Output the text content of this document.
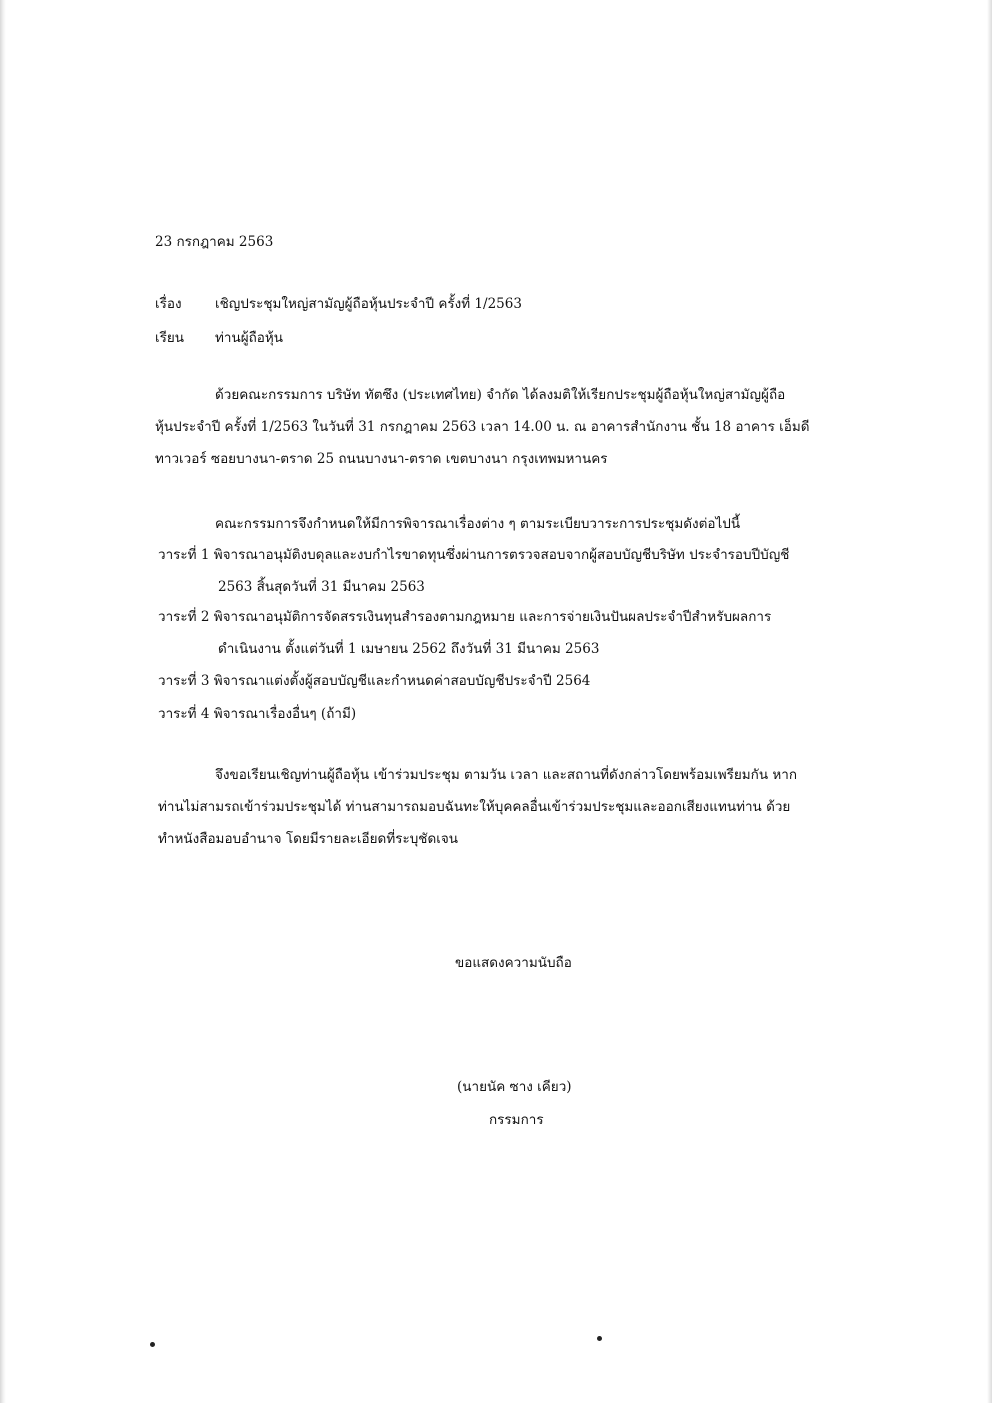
23 กรกฎาคม 2563
เรื่อง เชิญประชุมใหญ่สามัญผู้ถือหุ้นประจำปี ครั้งที่ 1/2563
เรียน ท่านผู้ถือหุ้น
ด้วยคณะกรรมการ บริษัท ทัตซึง (ประเทศไทย) จำกัด ได้ลงมติให้เรียกประชุมผู้ถือหุ้นใหญ่สามัญผู้ถือ
หุ้นประจำปี ครั้งที่ 1/2563 ในวันที่ 31 กรกฎาคม 2563 เวลา 14.00 น. ณ อาคารสำนักงาน ชั้น 18 อาคาร เอ็มดี
ทาวเวอร์ ซอยบางนา-ตราด 25 ถนนบางนา-ตราด เขตบางนา กรุงเทพมหานคร
คณะกรรมการจึงกำหนดให้มีการพิจารณาเรื่องต่าง ๆ ตามระเบียบวาระการประชุมดังต่อไปนี้
วาระที่ 1 พิจารณาอนุมัติงบดุลและงบกำไรขาดทุนซึ่งผ่านการตรวจสอบจากผู้สอบบัญชีบริษัท ประจำรอบปีบัญชี
2563 สิ้นสุดวันที่ 31 มีนาคม 2563
วาระที่ 2 พิจารณาอนุมัติการจัดสรรเงินทุนสำรองตามกฎหมาย และการจ่ายเงินปันผลประจำปีสำหรับผลการ
ดำเนินงาน ตั้งแต่วันที่ 1 เมษายน 2562 ถึงวันที่ 31 มีนาคม 2563
วาระที่ 3 พิจารณาแต่งตั้งผู้สอบบัญชีและกำหนดค่าสอบบัญชีประจำปี 2564
วาระที่ 4 พิจารณาเรื่องอื่นๆ (ถ้ามี)
จึงขอเรียนเชิญท่านผู้ถือหุ้น เข้าร่วมประชุม ตามวัน เวลา และสถานที่ดังกล่าวโดยพร้อมเพรียมกัน หาก
ท่านไม่สามรถเข้าร่วมประชุมได้ ท่านสามารถมอบฉันทะให้บุคคลอื่นเข้าร่วมประชุมและออกเสียงแทนท่าน ด้วย
ทำหนังสือมอบอำนาจ โดยมีรายละเอียดที่ระบุชัดเจน
ขอแสดงความนับถือ
(นายนัค ซาง เคียว)
กรรมการ
